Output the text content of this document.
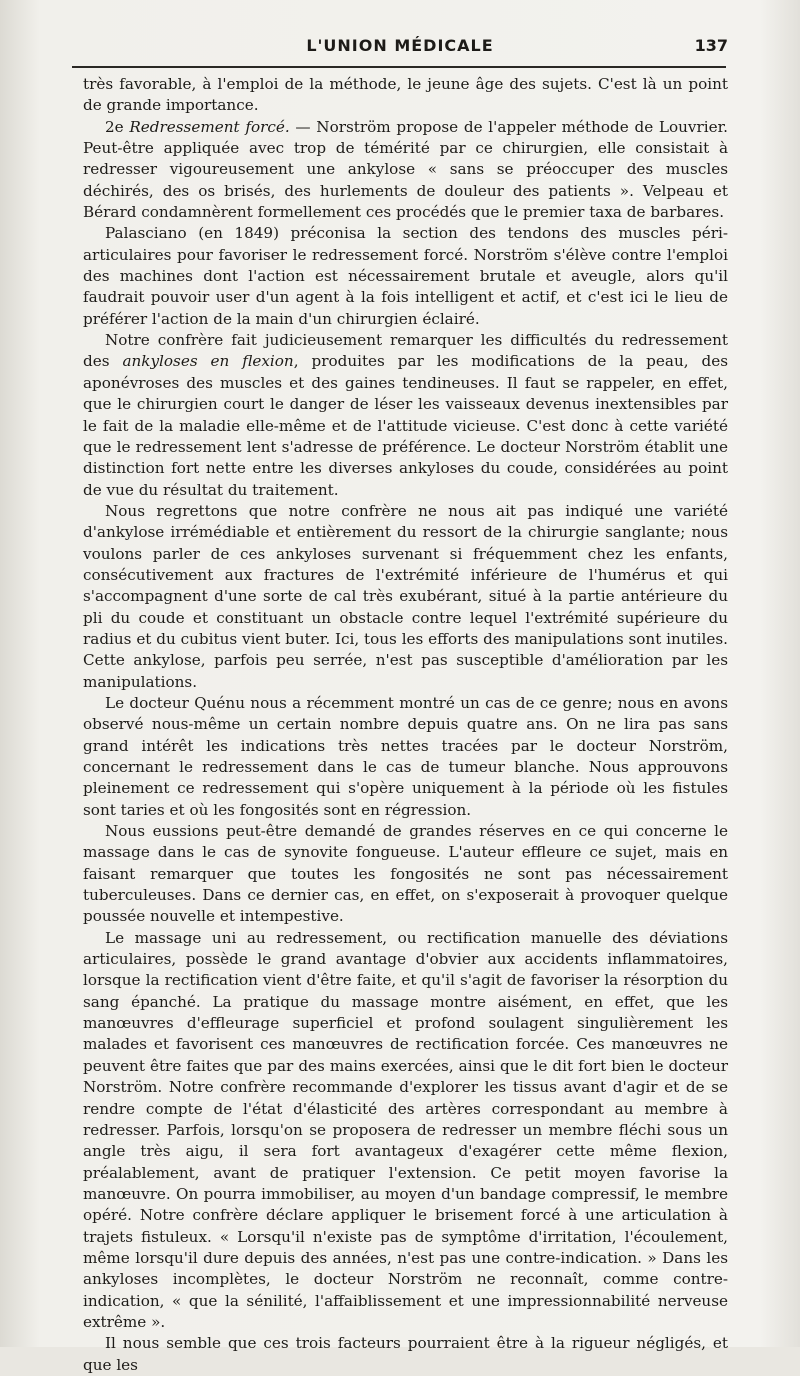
L'UNION MÉDICALE	137

très favorable, à l'emploi de la méthode, le jeune âge des sujets. C'est là un point de grande importance.

2e Redressement forcé. — Norström propose de l'appeler méthode de Louvrier. Peut-être appliquée avec trop de témérité par ce chirurgien, elle consistait à redresser vigoureusement une ankylose « sans se préoccuper des muscles déchirés, des os brisés, des hurlements de douleur des patients ». Velpeau et Bérard condamnèrent formellement ces procédés que le premier taxa de barbares.

Palasciano (en 1849) préconisa la section des tendons des muscles péri-articulaires pour favoriser le redressement forcé. Norström s'élève contre l'emploi des machines dont l'action est nécessairement brutale et aveugle, alors qu'il faudrait pouvoir user d'un agent à la fois intelligent et actif, et c'est ici le lieu de préférer l'action de la main d'un chirurgien éclairé.

Notre confrère fait judicieusement remarquer les difficultés du redressement des ankyloses en flexion, produites par les modifications de la peau, des aponévroses des muscles et des gaines tendineuses. Il faut se rappeler, en effet, que le chirurgien court le danger de léser les vaisseaux devenus inextensibles par le fait de la maladie elle-même et de l'attitude vicieuse. C'est donc à cette variété que le redressement lent s'adresse de préférence. Le docteur Norström établit une distinction fort nette entre les diverses ankyloses du coude, considérées au point de vue du résultat du traitement.

Nous regrettons que notre confrère ne nous ait pas indiqué une variété d'ankylose irrémédiable et entièrement du ressort de la chirurgie sanglante; nous voulons parler de ces ankyloses survenant si fréquemment chez les enfants, consécutivement aux fractures de l'extrémité inférieure de l'humérus et qui s'accompagnent d'une sorte de cal très exubérant, situé à la partie antérieure du pli du coude et constituant un obstacle contre lequel l'extrémité supérieure du radius et du cubitus vient buter. Ici, tous les efforts des manipulations sont inutiles. Cette ankylose, parfois peu serrée, n'est pas susceptible d'amélioration par les manipulations.

Le docteur Quénu nous a récemment montré un cas de ce genre; nous en avons observé nous-même un certain nombre depuis quatre ans. On ne lira pas sans grand intérêt les indications très nettes tracées par le docteur Norström, concernant le redressement dans le cas de tumeur blanche. Nous approuvons pleinement ce redressement qui s'opère uniquement à la période où les fistules sont taries et où les fongosités sont en régression.

Nous eussions peut-être demandé de grandes réserves en ce qui concerne le massage dans le cas de synovite fongueuse. L'auteur effleure ce sujet, mais en faisant remarquer que toutes les fongosités ne sont pas nécessairement tuberculeuses. Dans ce dernier cas, en effet, on s'exposerait à provoquer quelque poussée nouvelle et intempestive.

Le massage uni au redressement, ou rectification manuelle des déviations articulaires, possède le grand avantage d'obvier aux accidents inflammatoires, lorsque la rectification vient d'être faite, et qu'il s'agit de favoriser la résorption du sang épanché. La pratique du massage montre aisément, en effet, que les manœuvres d'effleurage superficiel et profond soulagent singulièrement les malades et favorisent ces manœuvres de rectification forcée. Ces manœuvres ne peuvent être faites que par des mains exercées, ainsi que le dit fort bien le docteur Norström. Notre confrère recommande d'explorer les tissus avant d'agir et de se rendre compte de l'état d'élasticité des artères correspondant au membre à redresser. Parfois, lorsqu'on se proposera de redresser un membre fléchi sous un angle très aigu, il sera fort avantageux d'exagérer cette même flexion, préalablement, avant de pratiquer l'extension. Ce petit moyen favorise la manœuvre. On pourra immobiliser, au moyen d'un bandage compressif, le membre opéré. Notre confrère déclare appliquer le brisement forcé à une articulation à trajets fistuleux. « Lorsqu'il n'existe pas de symptôme d'irritation, l'écoulement, même lorsqu'il dure depuis des années, n'est pas une contre-indication. » Dans les ankyloses incomplètes, le docteur Norström ne reconnaît, comme contre-indication, « que la sénilité, l'affaiblissement et une impressionnabilité nerveuse extrême ».

Il nous semble que ces trois facteurs pourraient être à la rigueur négligés, et que les
